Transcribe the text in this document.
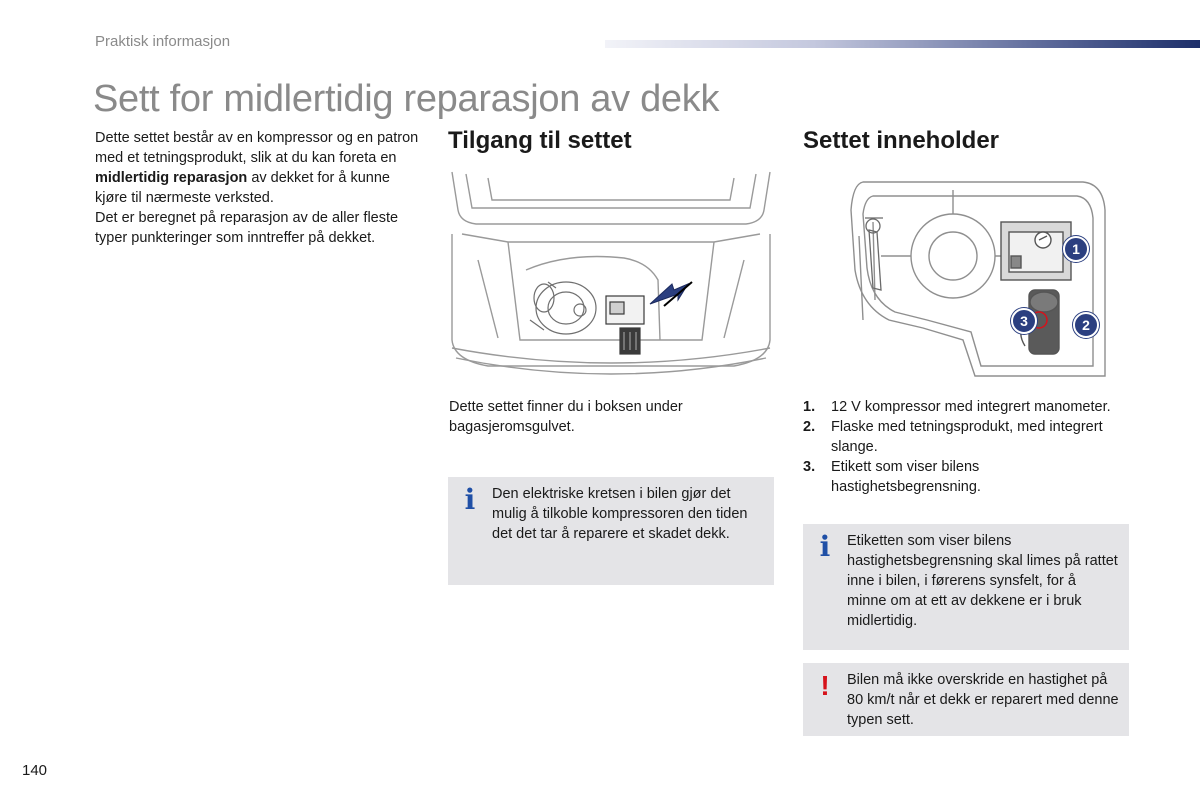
Praktisk informasjon
Sett for midlertidig reparasjon av dekk

Dette settet består av en kompressor og en patron med et tetningsprodukt, slik at du kan foreta en midlertidig reparasjon av dekket for å kunne kjøre til nærmeste verksted.

Det er beregnet på reparasjon av de aller fleste typer punkteringer som inntreffer på dekket.

Tilgang til settet
Dette settet finner du i boksen under bagasjeromsgulvet.
i	Den elektriske kretsen i bilen gjør det mulig å tilkoble kompressoren den tiden det det tar å reparere et skadet dekk.
Settet inneholder
1
2
3
1.	12 V kompressor med integrert manometer.
2.	Flaske med tetningsprodukt, med integrert slange.
3.	Etikett som viser bilens hastighetsbegrensning.
i	Etiketten som viser bilens hastighetsbegrensning skal limes på rattet inne i bilen, i førerens synsfelt, for å minne om at ett av dekkene er i bruk midlertidig.
!	Bilen må ikke overskride en hastighet på 80 km/t når et dekk er reparert med denne typen sett.
140
